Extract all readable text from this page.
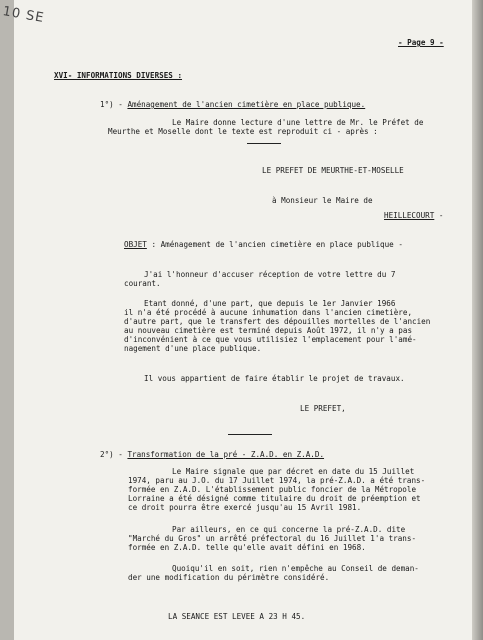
10 SE
- Page 9 -
XVI- INFORMATIONS DIVERSES :
1°) - Aménagement de l'ancien cimetière en place publique.
Le Maire donne lecture d'une lettre de Mr. le Préfet de
Meurthe et Moselle dont le texte est reproduit ci - après :
LE PREFET DE MEURTHE-ET-MOSELLE
à Monsieur le Maire de
HEILLECOURT -
OBJET : Aménagement de l'ancien cimetière en place publique -
J'ai l'honneur d'accuser réception de votre lettre du 7
courant.
Etant donné, d'une part, que depuis le 1er Janvier 1966
il n'a été procédé à aucune inhumation dans l'ancien cimetière,
d'autre part, que le transfert des dépouilles mortelles de l'ancien
au nouveau cimetière est terminé depuis Août 1972, il n'y a pas
d'inconvénient à ce que vous utilisiez l'emplacement pour l'amé-
nagement d'une place publique.
Il vous appartient de faire établir le projet de travaux.
LE PREFET,
2°) - Transformation de la pré - Z.A.D. en Z.A.D.
Le Maire signale que par décret en date du 15 Juillet
1974, paru au J.O. du 17 Juillet 1974, la pré-Z.A.D. a été trans-
formée en Z.A.D. L'établissement public foncier de la Métropole
Lorraine a été désigné comme titulaire du droit de préemption et
ce droit pourra être exercé jusqu'au 15 Avril 1981.
Par ailleurs, en ce qui concerne la pré-Z.A.D. dite
"Marché du Gros" un arrêté préfectoral du 16 Juillet 1'a trans-
formée en Z.A.D. telle qu'elle avait défini en 1968.
Quoiqu'il en soit, rien n'empêche au Conseil de deman-
der une modification du périmètre considéré.
LA SEANCE EST LEVEE A 23 H 45.
